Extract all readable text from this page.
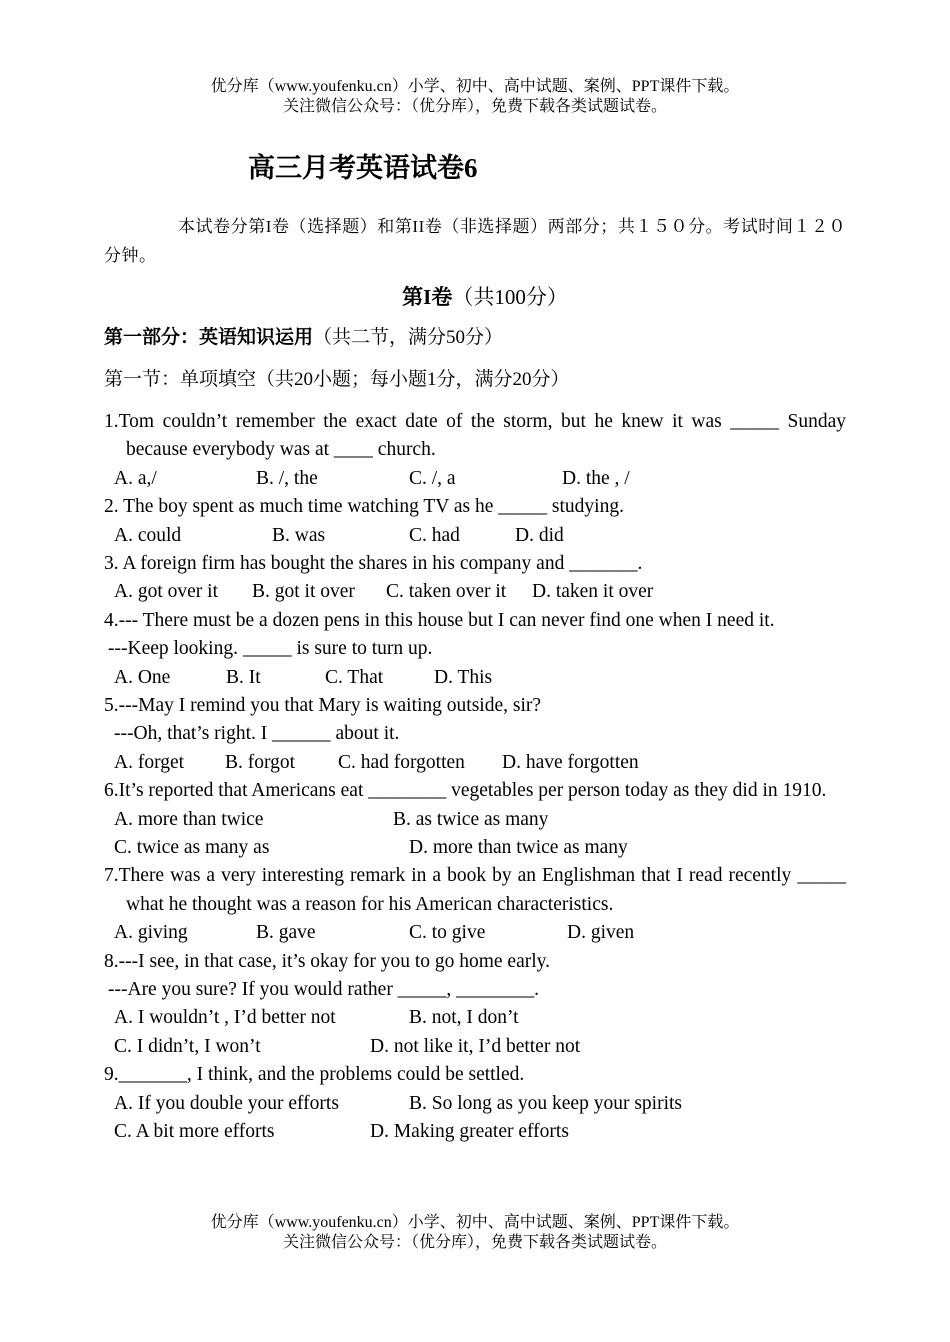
优分库（www.youfenku.cn）小学、初中、高中试题、案例、PPT课件下载。
关注微信公众号：（优分库），免费下载各类试题试卷。
高三月考英语试卷6
本试卷分第I卷（选择题）和第II卷（非选择题）两部分；共１５０分。考试时间１２０分钟。
第I卷（共100分）
第一部分：英语知识运用（共二节，满分50分）
第一节：单项填空（共20小题；每小题1分，满分20分）
1.Tom couldn’t remember the exact date of the storm, but he knew it was _____ Sunday because everybody was at ____ church.
A. a,/	B. /, the	C. /, a	D. the , /
2. The boy spent as much time watching TV as he _____ studying.
A. could	B. was	C. had	D. did
3. A foreign firm has bought the shares in his company and _______.
A. got over it B. got it over C. taken over it D. taken it over
4.--- There must be a dozen pens in this house but I can never find one when I need it.
---Keep looking. _____ is sure to turn up.
A. One	B. It	C. That	D. This
5.---May I remind you that Mary is waiting outside, sir?
---Oh, that’s right. I ______ about it.
A. forget B. forgot C. had forgotten D. have forgotten
6.It’s reported that Americans eat ________ vegetables per person today as they did in 1910.
A. more than twice	B. as twice as many
C. twice as many as	D. more than twice as many
7.There was a very interesting remark in a book by an Englishman that I read recently _____ what he thought was a reason for his American characteristics.
A. giving	B. gave	C. to give	D. given
8.---I see, in that case, it’s okay for you to go home early.
---Are you sure? If you would rather _____, ________.
A. I wouldn’t , I’d better not	B. not, I don’t
C. I didn’t, I won’t	D. not like it, I’d better not
9._______, I think, and the problems could be settled.
A. If you double your efforts	B. So long as you keep your spirits
C. A bit more efforts	D. Making greater efforts
优分库（www.youfenku.cn）小学、初中、高中试题、案例、PPT课件下载。
关注微信公众号：（优分库），免费下载各类试题试卷。
